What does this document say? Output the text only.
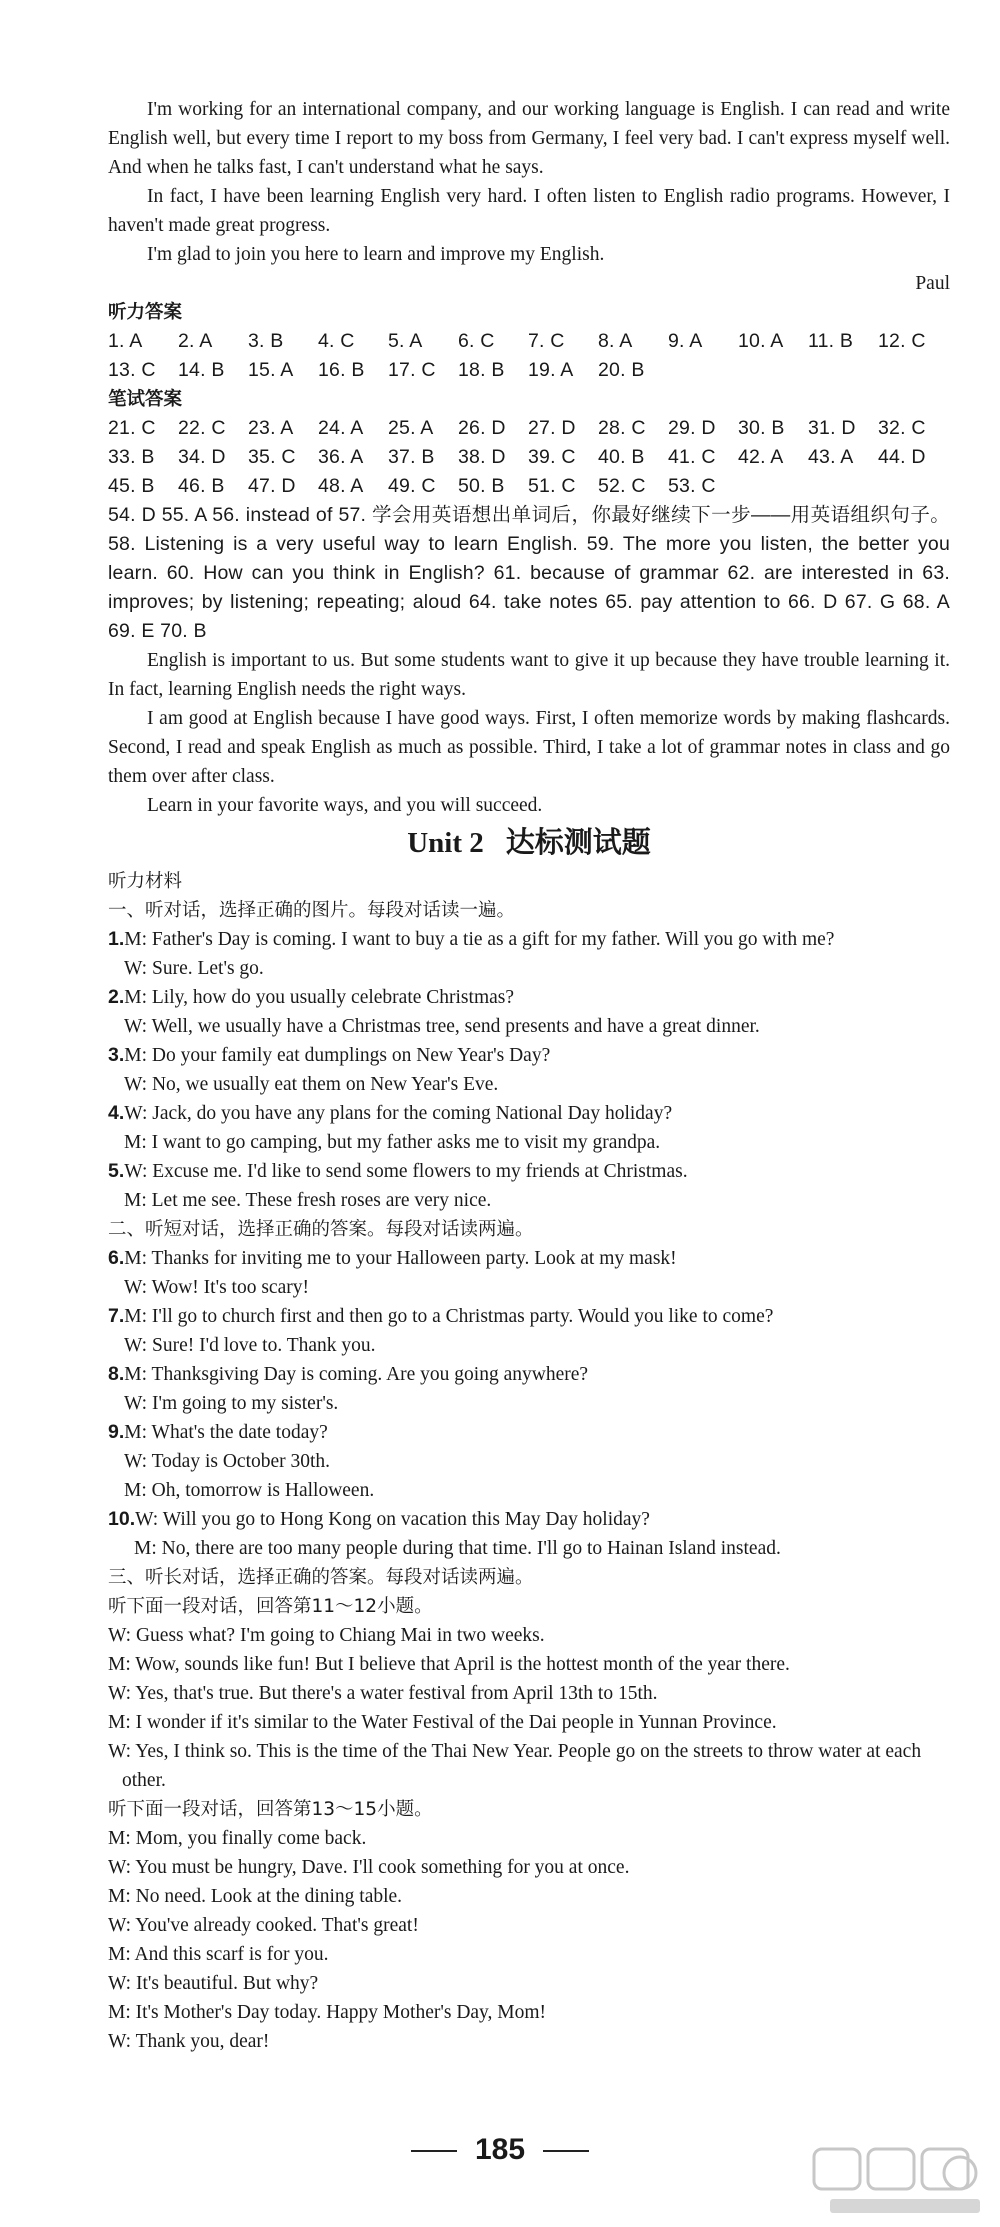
I'm working for an international company, and our working language is English. I can read and write English well, but every time I report to my boss from Germany, I feel very bad. I can't express myself well. And when he talks fast, I can't understand what he says.

In fact, I have been learning English very hard. I often listen to English radio programs. However, I haven't made great progress.

I'm glad to join you here to learn and improve my English.

Paul

听力答案

1. A	2. A	3. B	4. C	5. A	6. C	7. C	8. A	9. A	10. A	11. B	12. C
13. C	14. B	15. A	16. B	17. C	18. B	19. A	20. B

笔试答案

21. C	22. C	23. A	24. A	25. A	26. D	27. D	28. C	29. D	30. B	31. D	32. C
33. B	34. D	35. C	36. A	37. B	38. D	39. C	40. B	41. C	42. A	43. A	44. D
45. B	46. B	47. D	48. A	49. C	50. B	51. C	52. C	53. C

54. D 55. A 56. instead of 57. 学会用英语想出单词后，你最好继续下一步——用英语组织句子。 58. Listening is a very useful way to learn English. 59. The more you listen, the better you learn. 60. How can you think in English? 61. because of grammar 62. are interested in 63. improves; by listening; repeating; aloud 64. take notes 65. pay attention to 66. D 67. G 68. A 69. E 70. B

English is important to us. But some students want to give it up because they have trouble learning it. In fact, learning English needs the right ways.

I am good at English because I have good ways. First, I often memorize words by making flashcards. Second, I read and speak English as much as possible. Third, I take a lot of grammar notes in class and go them over after class.

Learn in your favorite ways, and you will succeed.

Unit 2 达标测试题

听力材料

一、听对话，选择正确的图片。每段对话读一遍。

1.M: Father's Day is coming. I want to buy a tie as a gift for my father. Will you go with me?

W: Sure. Let's go.

2.M: Lily, how do you usually celebrate Christmas?

W: Well, we usually have a Christmas tree, send presents and have a great dinner.

3.M: Do your family eat dumplings on New Year's Day?

W: No, we usually eat them on New Year's Eve.

4.W: Jack, do you have any plans for the coming National Day holiday?

M: I want to go camping, but my father asks me to visit my grandpa.

5.W: Excuse me. I'd like to send some flowers to my friends at Christmas.

M: Let me see. These fresh roses are very nice.

二、听短对话，选择正确的答案。每段对话读两遍。

6.M: Thanks for inviting me to your Halloween party. Look at my mask!

W: Wow! It's too scary!

7.M: I'll go to church first and then go to a Christmas party. Would you like to come?

W: Sure! I'd love to. Thank you.

8.M: Thanksgiving Day is coming. Are you going anywhere?

W: I'm going to my sister's.

9.M: What's the date today?

W: Today is October 30th.

M: Oh, tomorrow is Halloween.

10.W: Will you go to Hong Kong on vacation this May Day holiday?

M: No, there are too many people during that time. I'll go to Hainan Island instead.

三、听长对话，选择正确的答案。每段对话读两遍。

听下面一段对话，回答第11～12小题。

W: Guess what? I'm going to Chiang Mai in two weeks.

M: Wow, sounds like fun! But I believe that April is the hottest month of the year there.

W: Yes, that's true. But there's a water festival from April 13th to 15th.

M: I wonder if it's similar to the Water Festival of the Dai people in Yunnan Province.

W: Yes, I think so. This is the time of the Thai New Year. People go on the streets to throw water at each other.

听下面一段对话，回答第13～15小题。

M: Mom, you finally come back.

W: You must be hungry, Dave. I'll cook something for you at once.

M: No need. Look at the dining table.

W: You've already cooked. That's great!

M: And this scarf is for you.

W: It's beautiful. But why?

M: It's Mother's Day today. Happy Mother's Day, Mom!

W: Thank you, dear!

185
